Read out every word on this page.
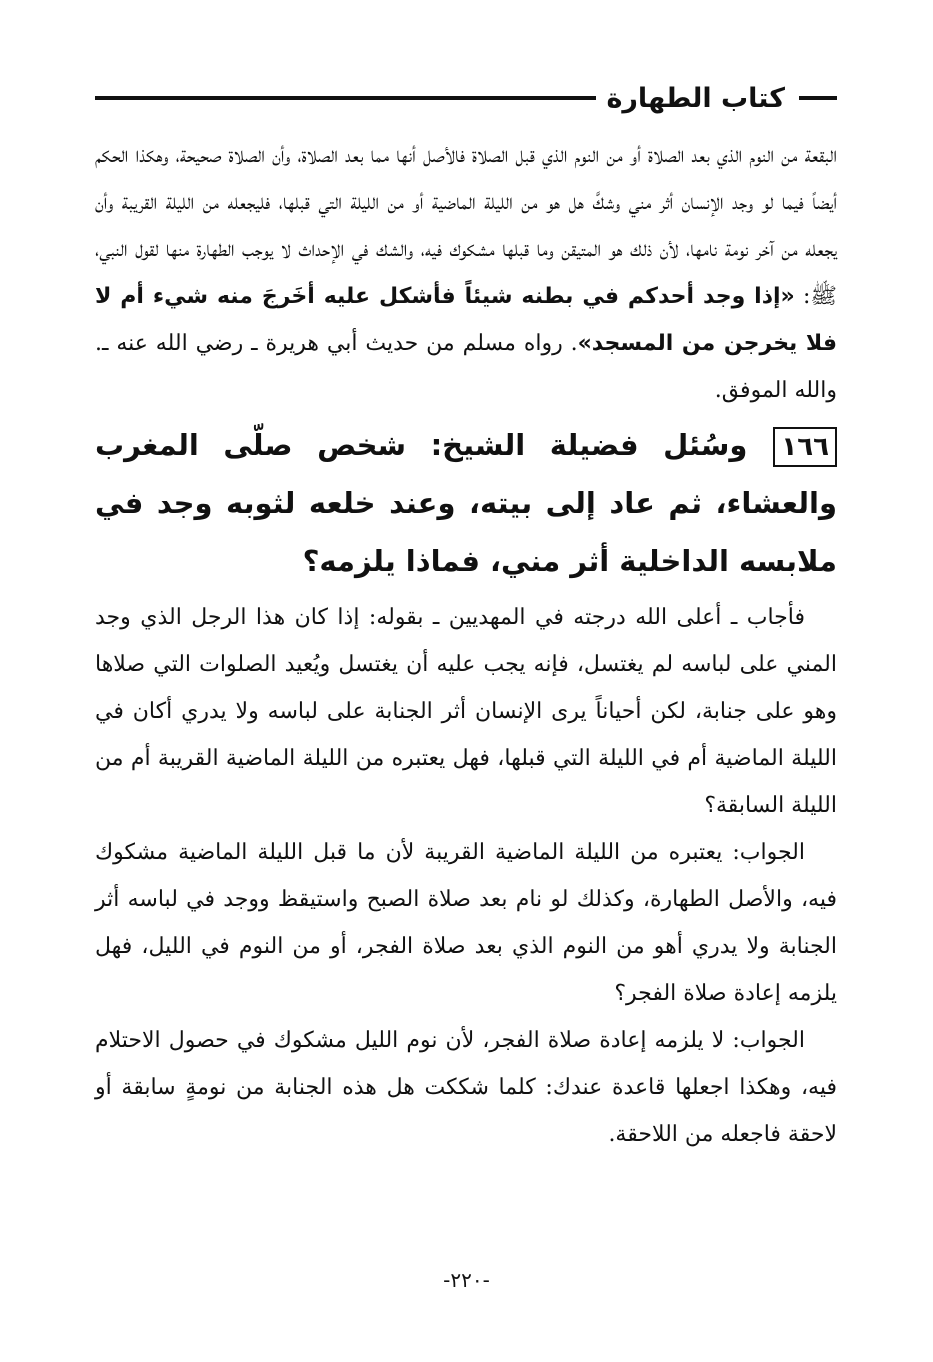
كتاب الطهارة

البقعة من النوم الذي بعد الصلاة أو من النوم الذي قبل الصلاة فالأصل أنها مما بعد الصلاة، وأن الصلاة صحيحة، وهكذا الحكم أيضاً فيما لو وجد الإنسان أثر مني وشكَّ هل هو من الليلة الماضية أو من الليلة التي قبلها، فليجعله من الليلة القريبة وأن يجعله من آخر نومة نامها، لأن ذلك هو المتيقن وما قبلها مشكوك فيه، والشك في الإحداث لا يوجب الطهارة منها لقول النبي، ﷺ: «إذا وجد أحدكم في بطنه شيئاً فأشكل عليه أخَرجَ منه شيء أم لا فلا يخرجن من المسجد». رواه مسلم من حديث أبي هريرة ـ رضي الله عنه ـ. والله الموفق.

١٦٦وسُئل فضيلة الشيخ: شخص صلّى المغرب والعشاء، ثم عاد إلى بيته، وعند خلعه لثوبه وجد في ملابسه الداخلية أثر مني، فماذا يلزمه؟

فأجاب ـ أعلى الله درجته في المهديين ـ بقوله: إذا كان هذا الرجل الذي وجد المني على لباسه لم يغتسل، فإنه يجب عليه أن يغتسل ويُعيد الصلوات التي صلاها وهو على جنابة، لكن أحياناً يرى الإنسان أثر الجنابة على لباسه ولا يدري أكان في الليلة الماضية أم في الليلة التي قبلها، فهل يعتبره من الليلة الماضية القريبة أم من الليلة السابقة؟

الجواب: يعتبره من الليلة الماضية القريبة لأن ما قبل الليلة الماضية مشكوك فيه، والأصل الطهارة، وكذلك لو نام بعد صلاة الصبح واستيقظ ووجد في لباسه أثر الجنابة ولا يدري أهو من النوم الذي بعد صلاة الفجر، أو من النوم في الليل، فهل يلزمه إعادة صلاة الفجر؟

الجواب: لا يلزمه إعادة صلاة الفجر، لأن نوم الليل مشكوك في حصول الاحتلام فيه، وهكذا اجعلها قاعدة عندك: كلما شككت هل هذه الجنابة من نومةٍ سابقة أو لاحقة فاجعله من اللاحقة.

-٢٢٠-
